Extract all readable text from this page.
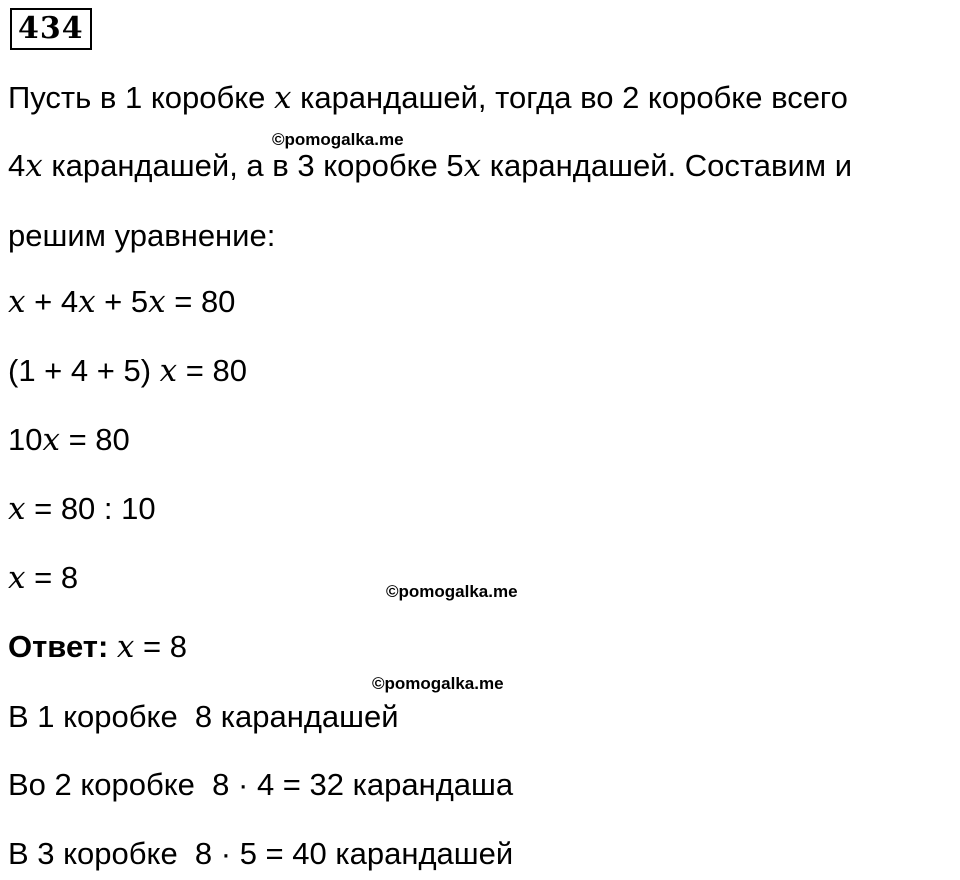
434
Пусть в 1 коробке x карандашей, тогда во 2 коробке всего
©pomogalka.me
4x карандашей, а в 3 коробке 5x карандашей. Составим и
решим уравнение:
x + 4x + 5x = 80
(1 + 4 + 5) x = 80
10x = 80
x = 80 : 10
x = 8	©pomogalka.me
Ответ: x = 8
©pomogalka.me
В 1 коробке  8 карандашей
Во 2 коробке  8 · 4 = 32 карандаша
В 3 коробке  8 · 5 = 40 карандашей
